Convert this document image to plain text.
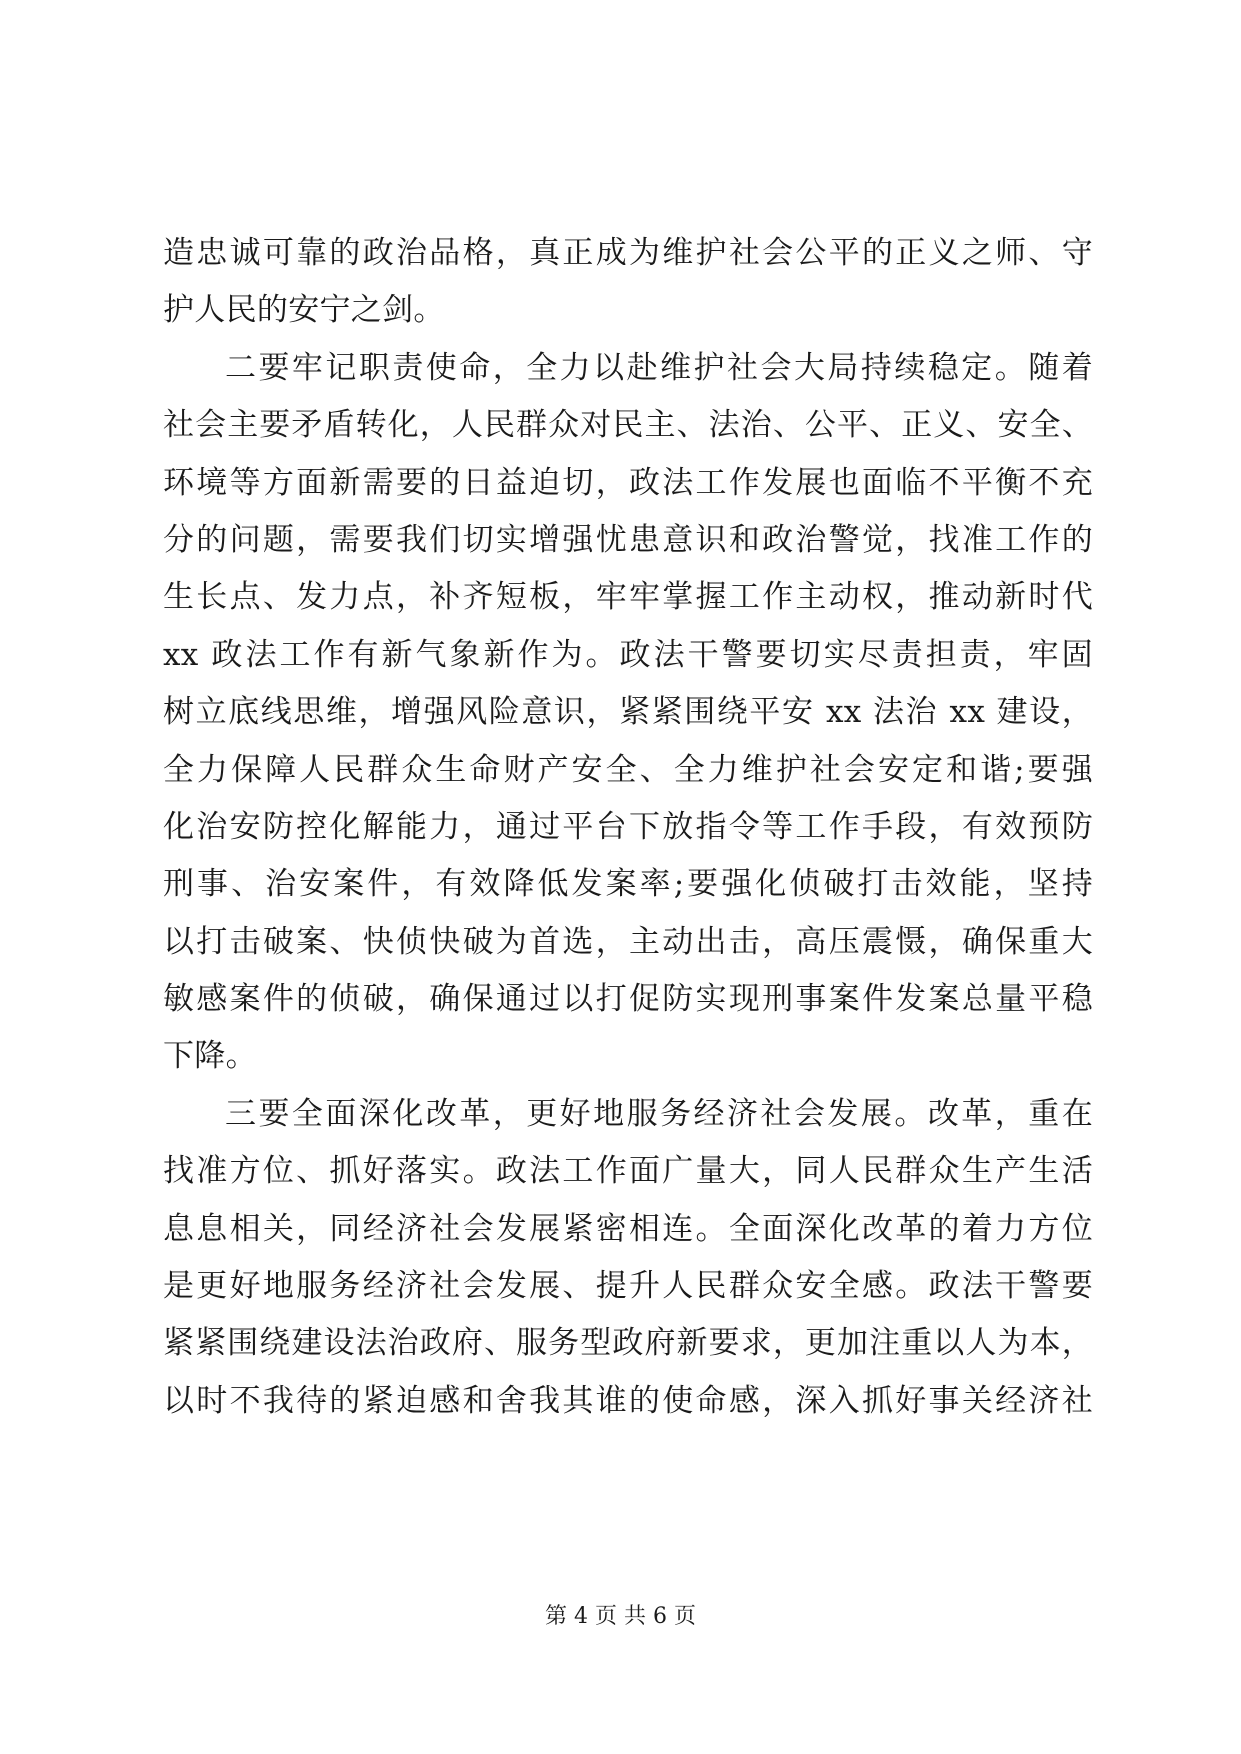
造忠诚可靠的政治品格，真正成为维护社会公平的正义之师、守
护人民的安宁之剑。
二要牢记职责使命，全力以赴维护社会大局持续稳定。随着
社会主要矛盾转化，人民群众对民主、法治、公平、正义、安全、
环境等方面新需要的日益迫切，政法工作发展也面临不平衡不充
分的问题，需要我们切实增强忧患意识和政治警觉，找准工作的
生长点、发力点，补齐短板，牢牢掌握工作主动权，推动新时代
xx 政法工作有新气象新作为。政法干警要切实尽责担责，牢固
树立底线思维，增强风险意识，紧紧围绕平安 xx 法治 xx 建设，
全力保障人民群众生命财产安全、全力维护社会安定和谐;要强
化治安防控化解能力，通过平台下放指令等工作手段，有效预防
刑事、治安案件，有效降低发案率;要强化侦破打击效能，坚持
以打击破案、快侦快破为首选，主动出击，高压震慑，确保重大
敏感案件的侦破，确保通过以打促防实现刑事案件发案总量平稳
下降。
三要全面深化改革，更好地服务经济社会发展。改革，重在
找准方位、抓好落实。政法工作面广量大，同人民群众生产生活
息息相关，同经济社会发展紧密相连。全面深化改革的着力方位
是更好地服务经济社会发展、提升人民群众安全感。政法干警要
紧紧围绕建设法治政府、服务型政府新要求，更加注重以人为本，
以时不我待的紧迫感和舍我其谁的使命感，深入抓好事关经济社
第 4 页 共 6 页
